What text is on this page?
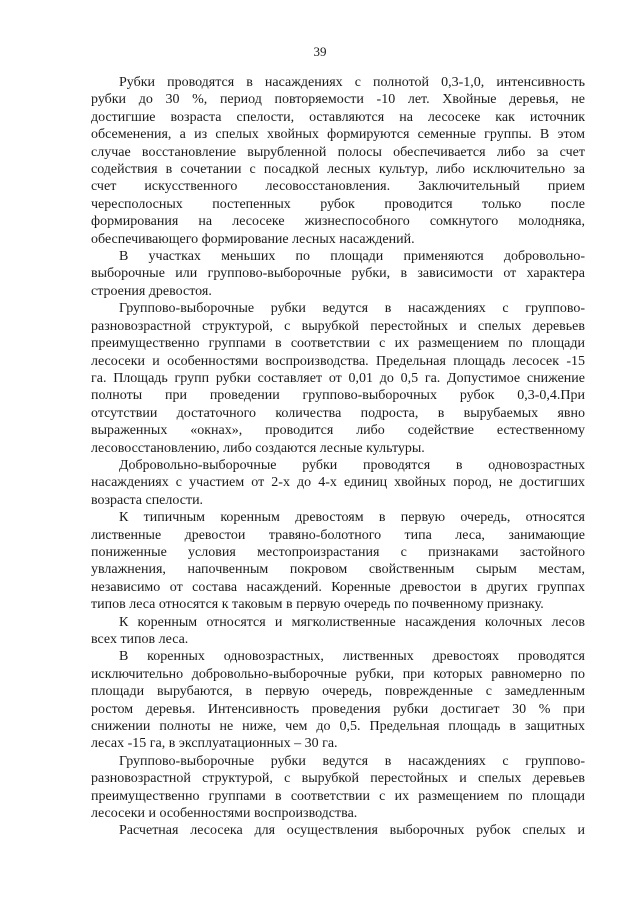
39
Рубки проводятся в насаждениях с полнотой 0,3-1,0, интенсивность
рубки до 30 %, период повторяемости -10 лет. Хвойные деревья, не
достигшие возраста спелости, оставляются на лесосеке как источник
обсеменения, а из спелых хвойных формируются семенные группы. В этом
случае восстановление вырубленной полосы обеспечивается либо за счет
содействия в сочетании с посадкой лесных культур, либо исключительно за
счет искусственного лесовосстановления. Заключительный прием
чересполосных постепенных рубок проводится только после
формирования на лесосеке жизнеспособного сомкнутого молодняка,
обеспечивающего формирование лесных насаждений.
В участках меньших по площади применяются добровольно-
выборочные или группово-выборочные рубки, в зависимости от характера
строения древостоя.
Группово-выборочные рубки ведутся в насаждениях с группово-
разновозрастной структурой, с вырубкой перестойных и спелых деревьев
преимущественно группами в соответствии с их размещением по площади
лесосеки и особенностями воспроизводства. Предельная площадь лесосек -15
га. Площадь групп рубки составляет от 0,01 до 0,5 га. Допустимое снижение
полноты при проведении группово-выборочных рубок 0,3-0,4.При
отсутствии достаточного количества подроста, в вырубаемых явно
выраженных «окнах», проводится либо содействие естественному
лесовосстановлению, либо создаются лесные культуры.
Добровольно-выборочные рубки проводятся в одновозрастных
насаждениях с участием от 2-х до 4-х единиц хвойных пород, не достигших
возраста спелости.
К типичным коренным древостоям в первую очередь, относятся
лиственные древостои травяно-болотного типа леса, занимающие
пониженные условия местопроизрастания с признаками застойного
увлажнения, напочвенным покровом свойственным сырым местам,
независимо от состава насаждений. Коренные древостои в других группах
типов леса относятся к таковым в первую очередь по почвенному признаку.
К коренным относятся и мягколиственные насаждения колочных лесов
всех типов леса.
В коренных одновозрастных, лиственных древостоях проводятся
исключительно добровольно-выборочные рубки, при которых равномерно по
площади вырубаются, в первую очередь, поврежденные с замедленным
ростом деревья. Интенсивность проведения рубки достигает 30 % при
снижении полноты не ниже, чем до 0,5. Предельная площадь в защитных
лесах -15 га, в эксплуатационных – 30 га.
Группово-выборочные рубки ведутся в насаждениях с группово-
разновозрастной структурой, с вырубкой перестойных и спелых деревьев
преимущественно группами в соответствии с их размещением по площади
лесосеки и особенностями воспроизводства.
Расчетная лесосека для осуществления выборочных рубок спелых и
